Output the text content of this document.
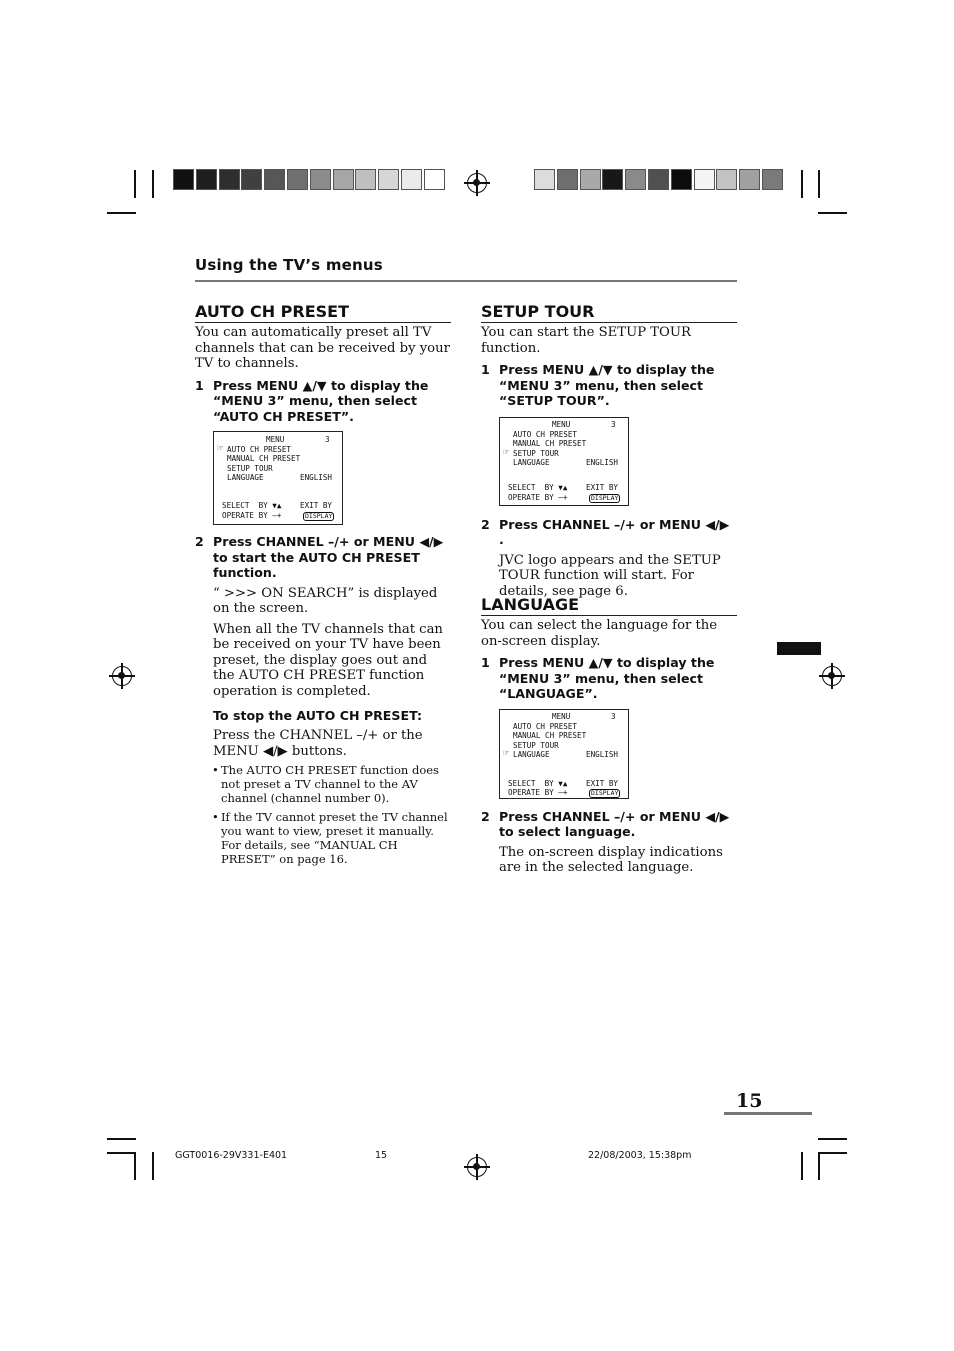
Using the TV’s menus
AUTO CH PRESET

You can automatically preset all TV channels that can be received by your TV to channels.

1 Press MENU ▲/▼ to display the “MENU 3” menu, then select “AUTO CH PRESET”.
MENU	3
☞ AUTO CH PRESET
MANUAL CH PRESET
SETUP TOUR
LANGUAGE	ENGLISH
SELECT  BY ▼▲ EXIT BY
OPERATE BY –+	DISPLAY
2 Press CHANNEL –/+ or MENU ◀/▶ to start the AUTO CH PRESET function.

“ >>> ON SEARCH” is displayed on the screen.

When all the TV channels that can be received on your TV have been preset, the display goes out and the AUTO CH PRESET function operation is completed.

To stop the AUTO CH PRESET:

Press the CHANNEL –/+ or the MENU ◀/▶ buttons.

• The AUTO CH PRESET function does not preset a TV channel to the AV channel (channel number 0).
• If the TV cannot preset the TV channel you want to view, preset it manually. For details, see “MANUAL CH PRESET” on page 16.
SETUP TOUR

You can start the SETUP TOUR function.

1 Press MENU ▲/▼ to display the “MENU 3” menu, then select “SETUP TOUR”.
MENU	3
AUTO CH PRESET
MANUAL CH PRESET
☞ SETUP TOUR
LANGUAGE	ENGLISH
SELECT  BY ▼▲ EXIT BY
OPERATE BY –+	DISPLAY
2 Press CHANNEL –/+ or MENU ◀/▶ .

JVC logo appears and the SETUP TOUR function will start. For details, see page 6.

LANGUAGE

You can select the language for the on-screen display.

1 Press MENU ▲/▼ to display the “MENU 3” menu, then select “LANGUAGE”.
MENU	3
AUTO CH PRESET
MANUAL CH PRESET
SETUP TOUR
☞ LANGUAGE	ENGLISH
SELECT  BY ▼▲ EXIT BY
OPERATE BY –+	DISPLAY
2 Press CHANNEL –/+ or MENU ◀/▶ to select language.

The on-screen display indications are in the selected language.

15
GGT0016-29V331-E401	15	22/08/2003, 15:38pm
